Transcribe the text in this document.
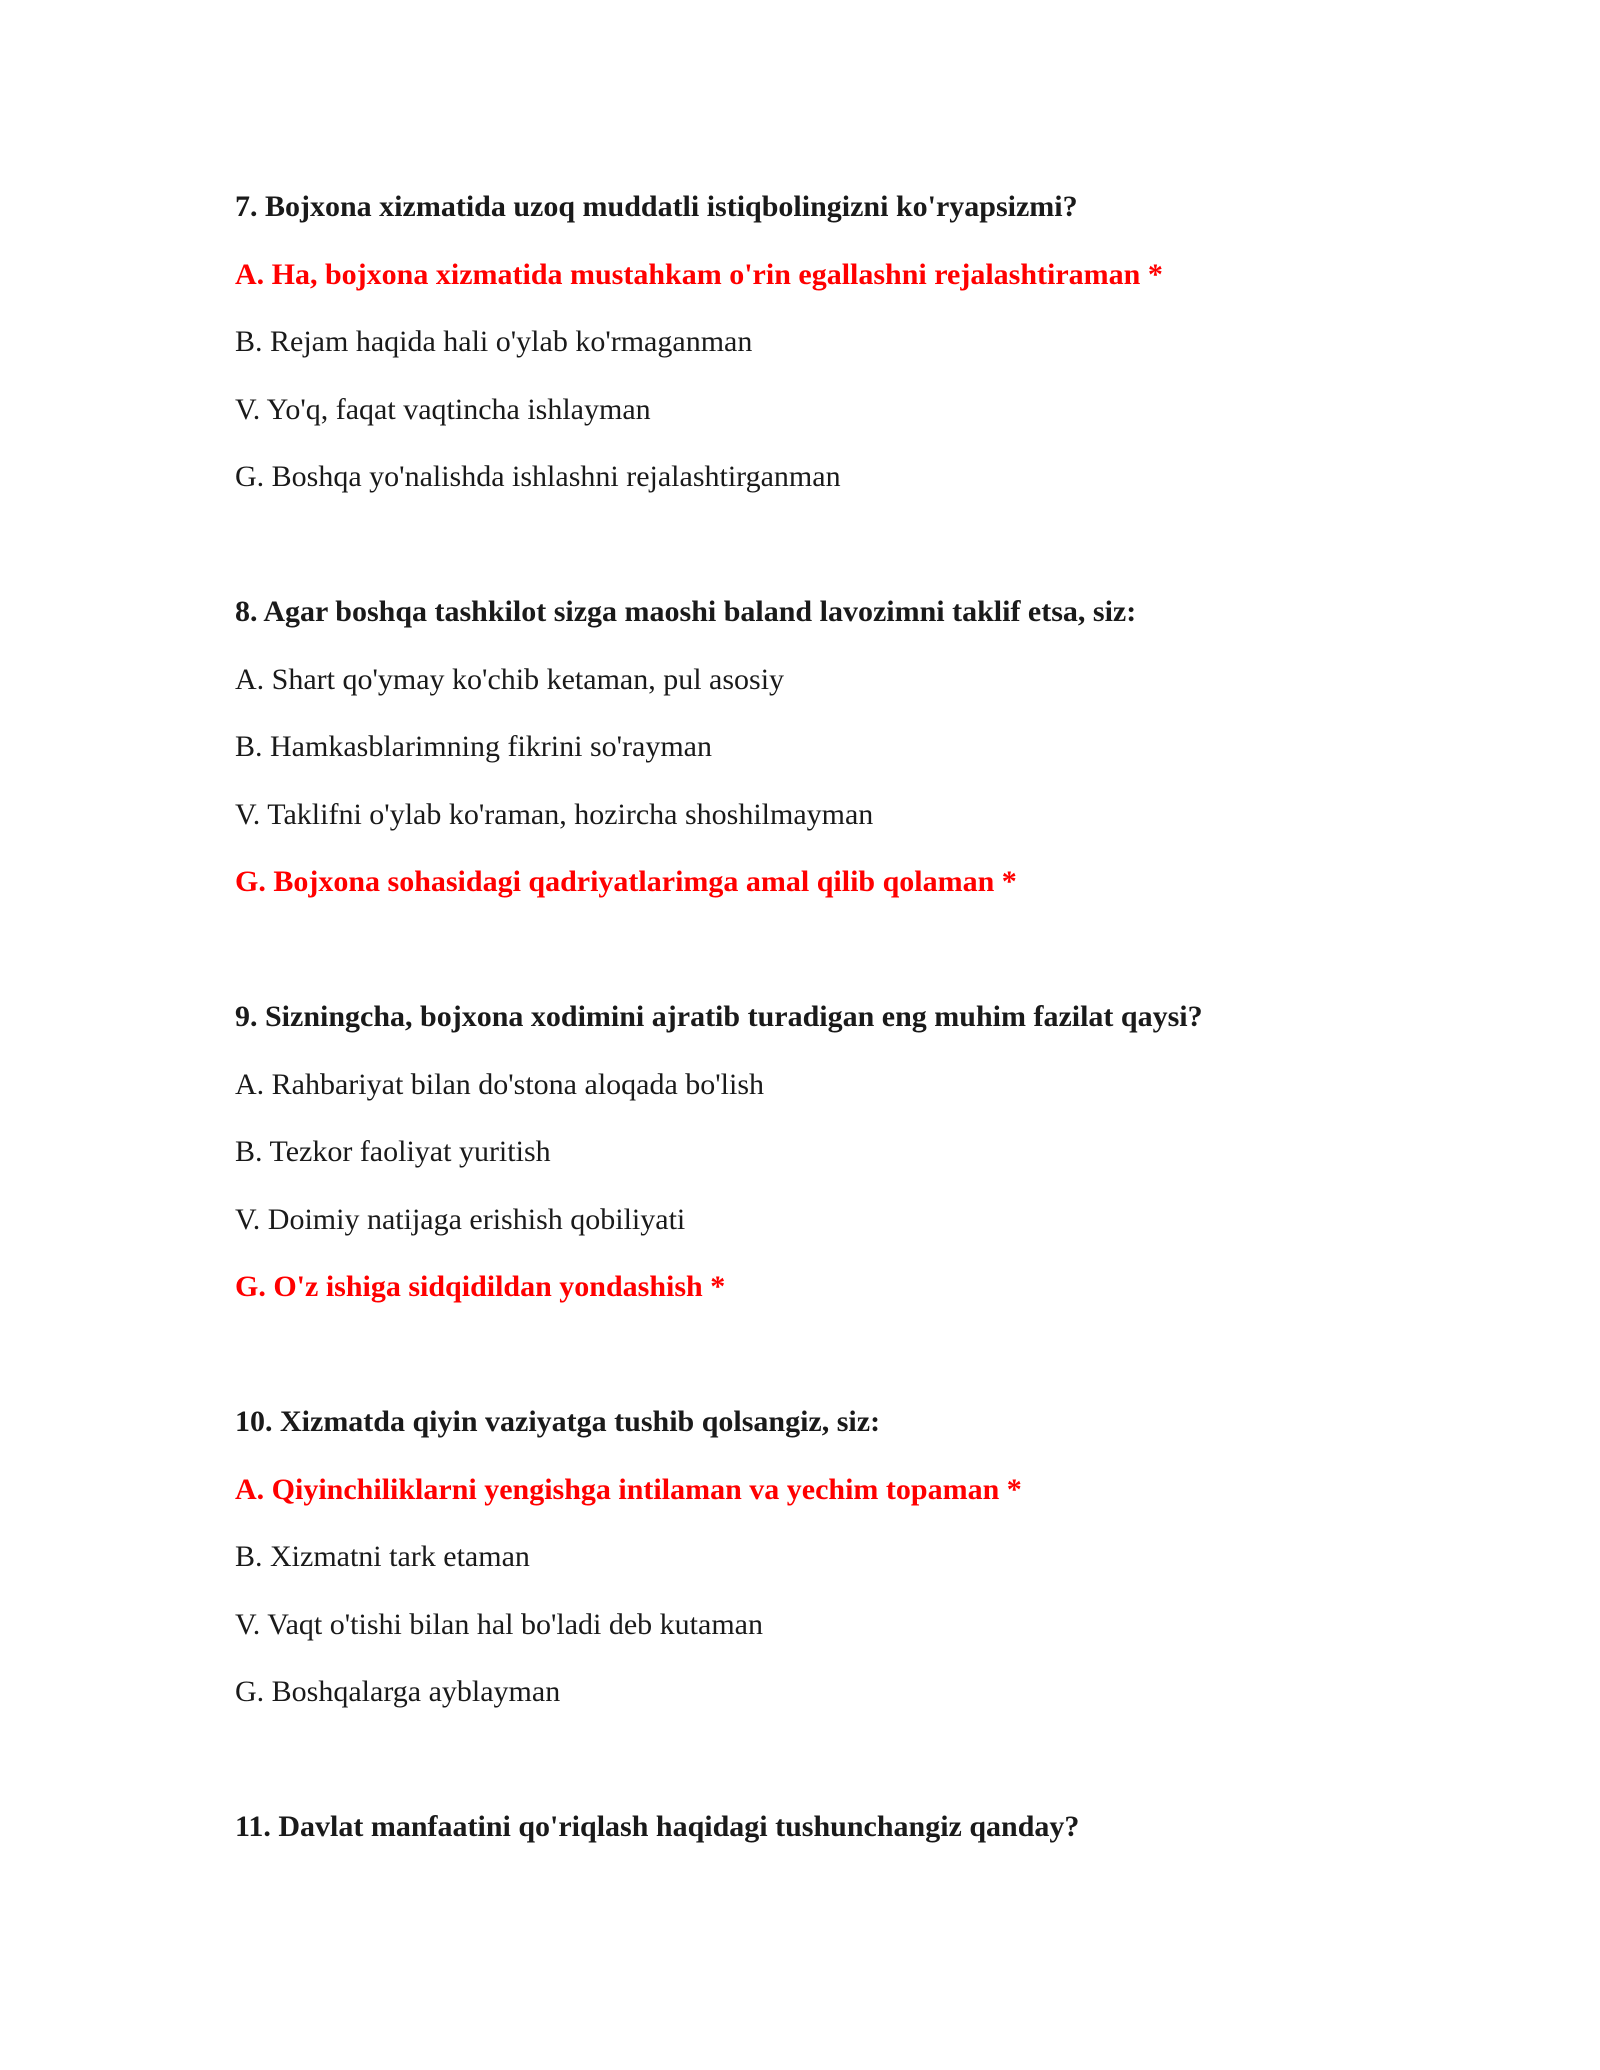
7. Bojxona xizmatida uzoq muddatli istiqbolingizni ko'ryapsizmi?
A. Ha, bojxona xizmatida mustahkam o'rin egallashni rejalashtiraman *
B. Rejam haqida hali o'ylab ko'rmaganman
V. Yo'q, faqat vaqtincha ishlayman
G. Boshqa yo'nalishda ishlashni rejalashtirganman
8. Agar boshqa tashkilot sizga maoshi baland lavozimni taklif etsa, siz:
A. Shart qo'ymay ko'chib ketaman, pul asosiy
B. Hamkasblarimning fikrini so'rayman
V. Taklifni o'ylab ko'raman, hozircha shoshilmayman
G. Bojxona sohasidagi qadriyatlarimga amal qilib qolaman *
9. Sizningcha, bojxona xodimini ajratib turadigan eng muhim fazilat qaysi?
A. Rahbariyat bilan do'stona aloqada bo'lish
B. Tezkor faoliyat yuritish
V. Doimiy natijaga erishish qobiliyati
G. O'z ishiga sidqidildan yondashish *
10. Xizmatda qiyin vaziyatga tushib qolsangiz, siz:
A. Qiyinchiliklarni yengishga intilaman va yechim topaman *
B. Xizmatni tark etaman
V. Vaqt o'tishi bilan hal bo'ladi deb kutaman
G. Boshqalarga ayblayman
11. Davlat manfaatini qo'riqlash haqidagi tushunchangiz qanday?
